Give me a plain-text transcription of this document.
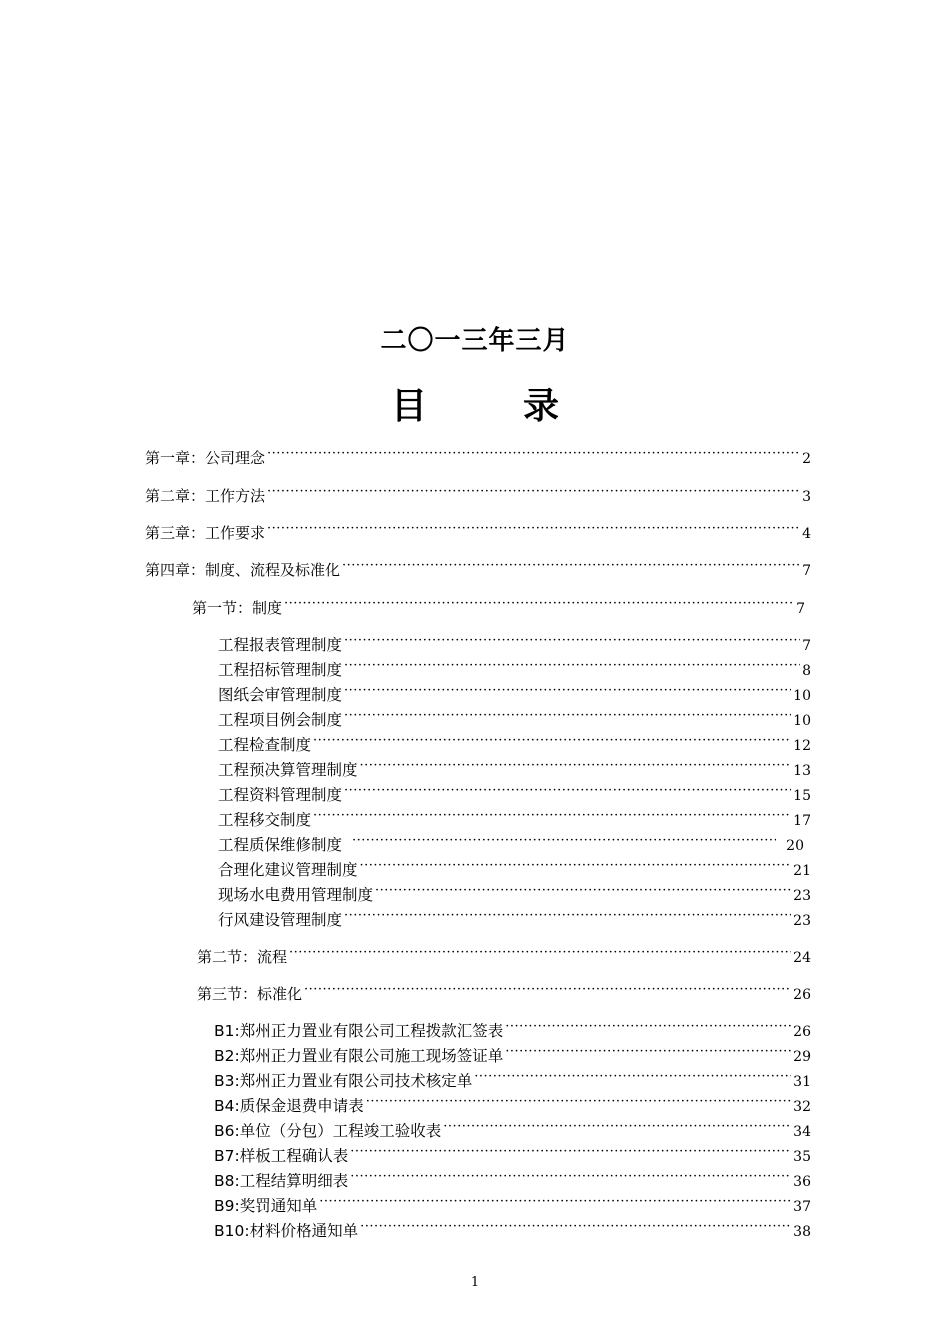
二〇一三年三月
目　录
第一章：公司理念 ·····	2
第二章：工作方法 ·····	3
第三章：工作要求 ·····	4
第四章：制度、流程及标准化 ·····	7
第一节：制度 ·····	7
工程报表管理制度 ·····	7
工程招标管理制度 ·····	8
图纸会审管理制度 ·····	10
工程项目例会制度 ·····	10
工程检查制度 ·····	12
工程预决算管理制度 ·····	13
工程资料管理制度 ·····	15
工程移交制度 ·····	17
工程质保维修制度 ·····	20
合理化建议管理制度 ·····	21
现场水电费用管理制度 ·····	23
行风建设管理制度 ·····	23
第二节：流程 ·····	24
第三节：标准化 ·····	26
B1:郑州正力置业有限公司工程拨款汇签表 ·····	26
B2:郑州正力置业有限公司施工现场签证单 ·····	29
B3:郑州正力置业有限公司技术核定单 ·····	31
B4:质保金退费申请表 ·····	32
B6:单位（分包）工程竣工验收表 ·····	34
B7:样板工程确认表 ·····	35
B8:工程结算明细表 ·····	36
B9:奖罚通知单 ·····	37
B10:材料价格通知单 ·····	38
1
